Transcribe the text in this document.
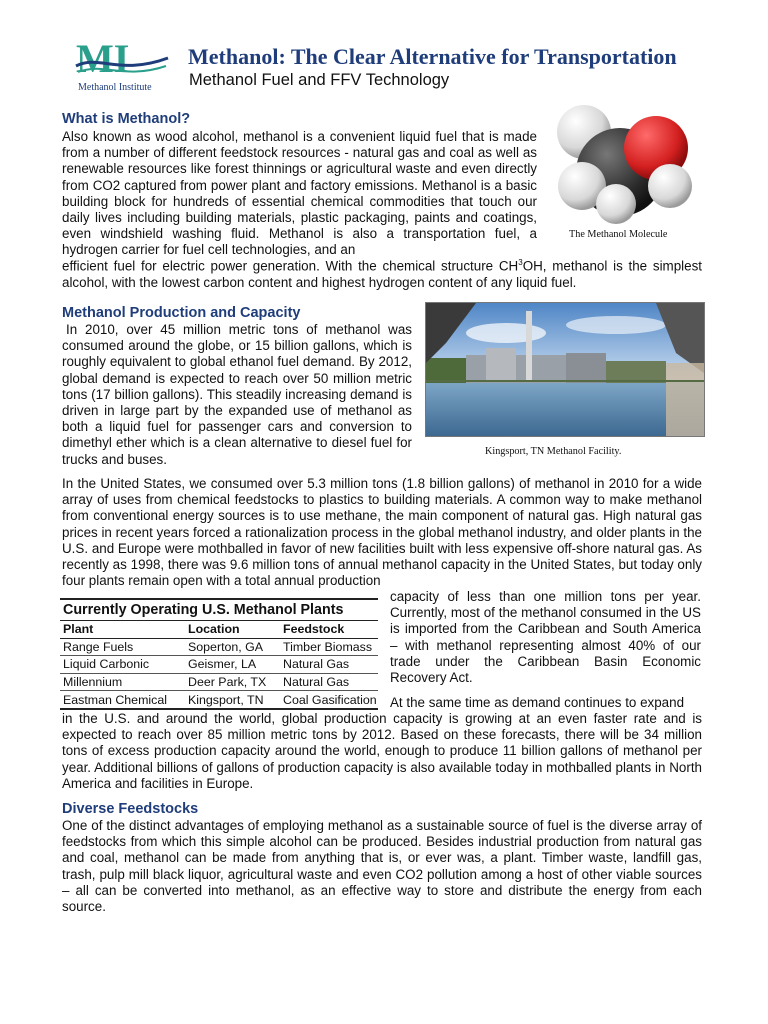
MI
Methanol Institute
Methanol: The Clear Alternative for Transportation
Methanol Fuel and FFV Technology
What is Methanol?
Also known as wood alcohol, methanol is a convenient liquid fuel that is made from a number of different feedstock resources - natural gas and coal as well as renewable resources like forest thinnings or agricultural waste and even directly from CO2 captured from power plant and factory emissions. Methanol is a basic building block for hundreds of essential chemical commodities that touch our daily lives including building materials, plastic packaging, paints and coatings, even windshield washing fluid. Methanol is also a transportation fuel, a hydrogen carrier for fuel cell technologies, and an
efficient fuel for electric power generation. With the chemical structure $CH^3OH$, methanol is the simplest alcohol, with the lowest carbon content and highest hydrogen content of any liquid fuel.
The Methanol Molecule
Methanol Production and Capacity
In 2010, over 45 million metric tons of methanol was consumed around the globe, or 15 billion gallons, which is roughly equivalent to global ethanol fuel demand. By 2012, global demand is expected to reach over 50 million metric tons (17 billion gallons). This steadily increasing demand is driven in large part by the expanded use of methanol as both a liquid fuel for passenger cars and conversion to dimethyl ether which is a clean alternative to diesel fuel for trucks and buses.
Kingsport, TN Methanol Facility.
In the United States, we consumed over 5.3 million tons (1.8 billion gallons) of methanol in 2010 for a wide array of uses from chemical feedstocks to plastics to building materials. A common way to make methanol from conventional energy sources is to use methane, the main component of natural gas. High natural gas prices in recent years forced a rationalization process in the global methanol industry, and older plants in the U.S. and Europe were mothballed in favor of new facilities built with less expensive off-shore natural gas. As recently as 1998, there was 9.6 million tons of annual methanol capacity in the United States, but today only four plants remain open with a total annual production
capacity of less than one million tons per year. Currently, most of the methanol consumed in the US is imported from the Caribbean and South America – with methanol representing almost 40% of our trade under the Caribbean Basin Economic Recovery Act.
At the same time as demand continues to expand
in the U.S. and around the world, global production capacity is growing at an even faster rate and is expected to reach over 85 million metric tons by 2012. Based on these forecasts, there will be 34 million tons of excess production capacity around the world, enough to produce 11 billion gallons of methanol per year. Additional billions of gallons of production capacity is also available today in mothballed plants in North America and facilities in Europe.
Currently Operating U.S. Methanol Plants
Plant	Location	Feedstock
Range Fuels	Soperton, GA	Timber Biomass
Liquid Carbonic	Geismer, LA	Natural Gas
Millennium	Deer Park, TX	Natural Gas
Eastman Chemical	Kingsport, TN	Coal Gasification
Diverse Feedstocks
One of the distinct advantages of employing methanol as a sustainable source of fuel is the diverse array of feedstocks from which this simple alcohol can be produced. Besides industrial production from natural gas and coal, methanol can be made from anything that is, or ever was, a plant. Timber waste, landfill gas, trash, pulp mill black liquor, agricultural waste and even CO2 pollution among a host of other viable sources – all can be converted into methanol, as an effective way to store and distribute the energy from each source.
